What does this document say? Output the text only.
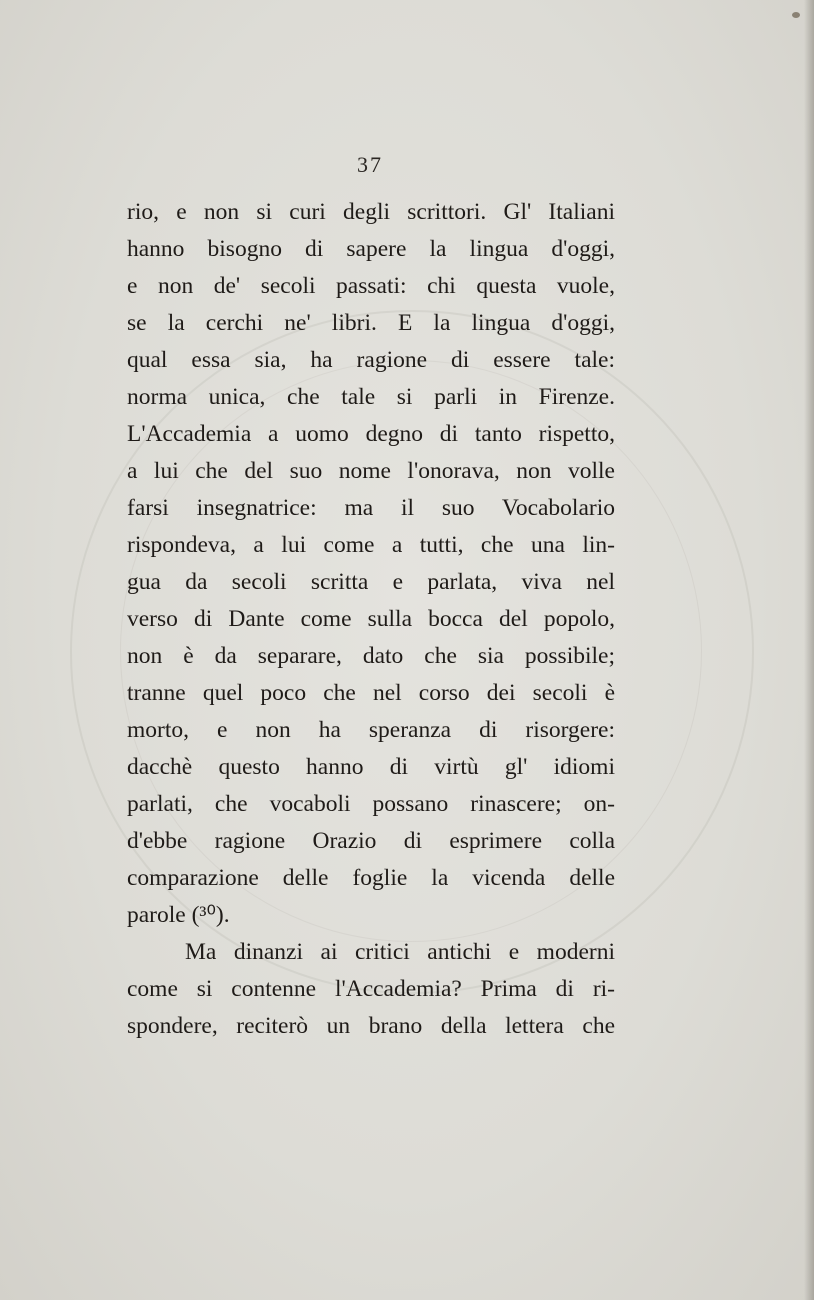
37
rio, e non si curi degli scrittori. Gl' Italiani
hanno bisogno di sapere la lingua d'oggi,
e non de' secoli passati: chi questa vuole,
se la cerchi ne' libri. E la lingua d'oggi,
qual essa sia, ha ragione di essere tale:
norma unica, che tale si parli in Firenze.
L'Accademia a uomo degno di tanto rispetto,
a lui che del suo nome l'onorava, non volle
farsi insegnatrice: ma il suo Vocabolario
rispondeva, a lui come a tutti, che una lin-
gua da secoli scritta e parlata, viva nel
verso di Dante come sulla bocca del popolo,
non è da separare, dato che sia possibile;
tranne quel poco che nel corso dei secoli è
morto, e non ha speranza di risorgere:
dacchè questo hanno di virtù gl' idiomi
parlati, che vocaboli possano rinascere; on-
d'ebbe ragione Orazio di esprimere colla
comparazione delle foglie la vicenda delle
parole (³⁰).
Ma dinanzi ai critici antichi e moderni
come si contenne l'Accademia? Prima di ri-
spondere, reciterò un brano della lettera che
